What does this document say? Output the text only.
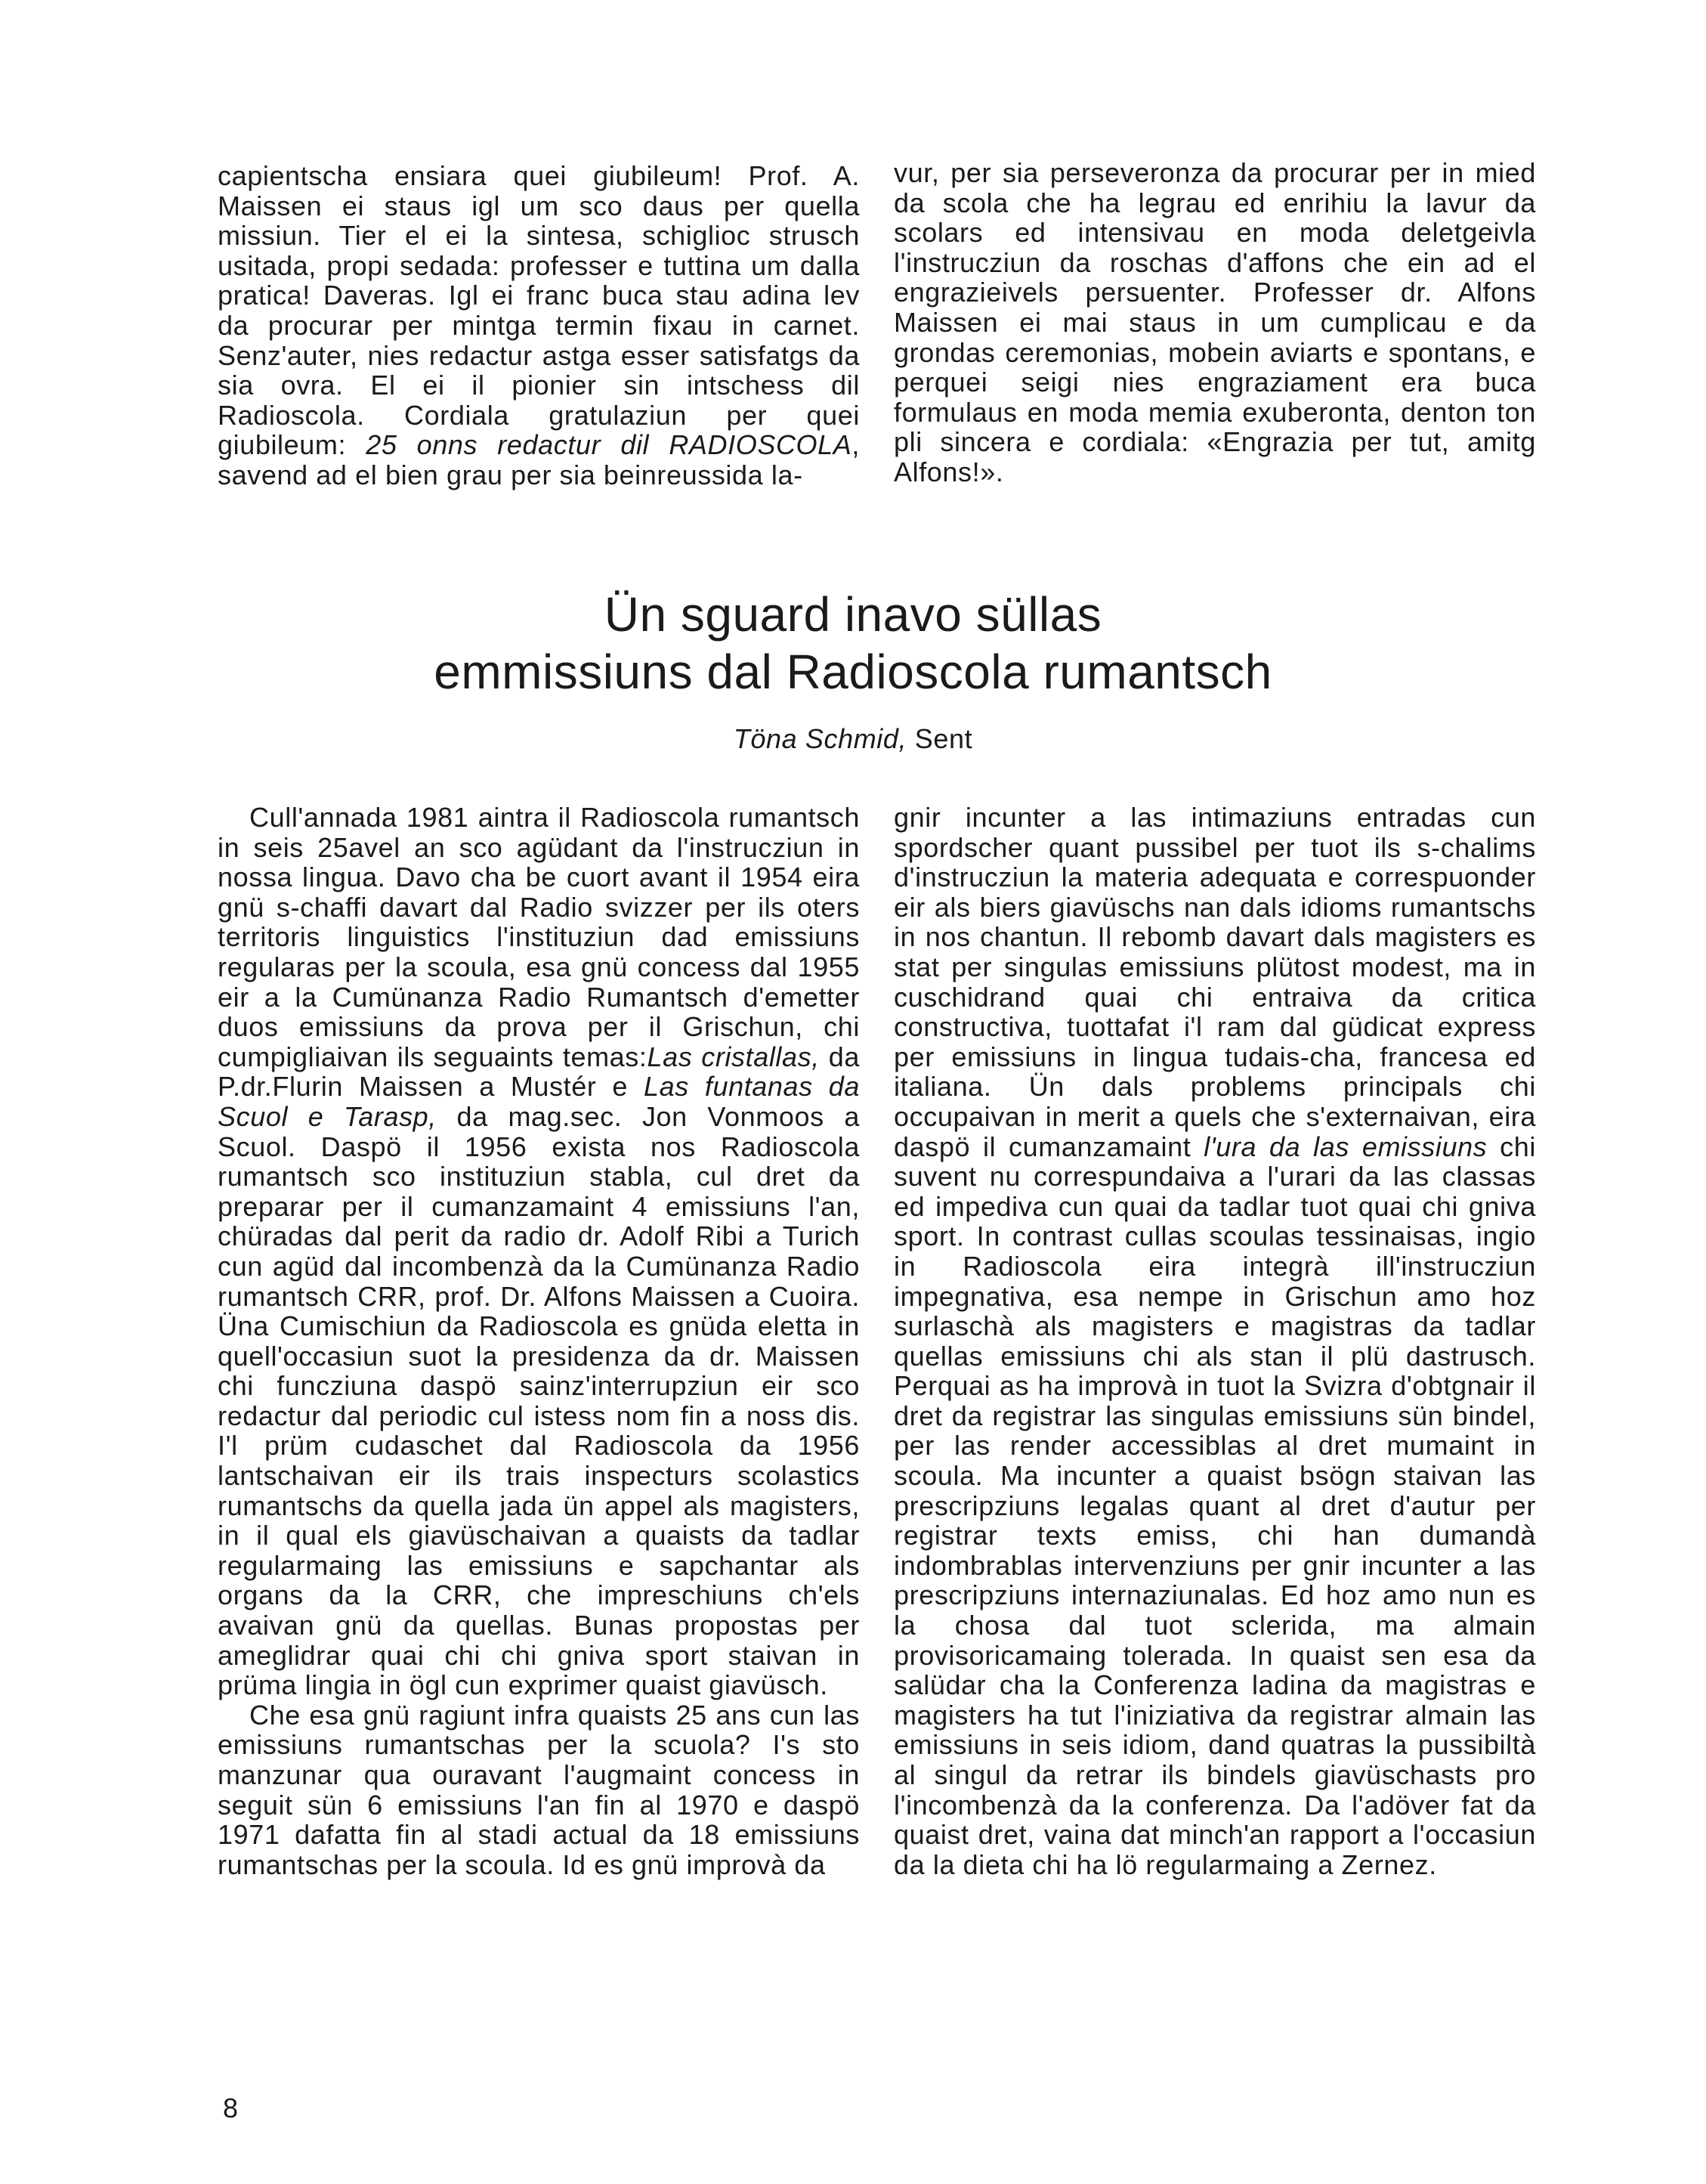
capientscha ensiara quei giubileum! Prof. A. Maissen ei staus igl um sco daus per quella missiun. Tier el ei la sintesa, schiglioc strusch usitada, propi sedada: professer e tuttina um dalla pratica! Daveras. Igl ei franc buca stau adina lev da procurar per mintga termin fixau in carnet. Senz'auter, nies redactur astga esser satisfatgs da sia ovra. El ei il pionier sin intschess dil Radioscola. Cordiala gratulaziun per quei giubileum: 25 onns redactur dil RADIOSCOLA, savend ad el bien grau per sia beinreussida la-

vur, per sia perseveronza da procurar per in mied da scola che ha legrau ed enrihiu la lavur da scolars ed intensivau en moda deletgeivla l'instrucziun da roschas d'affons che ein ad el engrazieivels persuenter. Professer dr. Alfons Maissen ei mai staus in um cumplicau e da grondas ceremonias, mobein aviarts e spontans, e perquei seigi nies engraziament era buca formulaus en moda memia exuberonta, denton ton pli sincera e cordiala: «Engrazia per tut, amitg Alfons!».

Ün sguard inavo süllas
emmissiuns dal Radioscola rumantsch
Töna Schmid, Sent

Cull'annada 1981 aintra il Radioscola rumantsch in seis 25avel an sco agüdant da l'instrucziun in nossa lingua. Davo cha be cuort avant il 1954 eira gnü s-chaffi davart dal Radio svizzer per ils oters territoris linguistics l'instituziun dad emissiuns regularas per la scoula, esa gnü concess dal 1955 eir a la Cumünanza Radio Rumantsch d'emetter duos emissiuns da prova per il Grischun, chi cumpigliaivan ils seguaints temas:Las cristallas, da P.dr.Flurin Maissen a Mustér e Las funtanas da Scuol e Tarasp, da mag.sec. Jon Vonmoos a Scuol. Daspö il 1956 exista nos Radioscola rumantsch sco instituziun stabla, cul dret da preparar per il cumanzamaint 4 emissiuns l'an, chüradas dal perit da radio dr. Adolf Ribi a Turich cun agüd dal incombenzà da la Cumünanza Radio rumantsch CRR, prof. Dr. Alfons Maissen a Cuoira. Üna Cumischiun da Radioscola es gnüda eletta in quell'occasiun suot la presidenza da dr. Maissen chi funcziuna daspö sainz'interrupziun eir sco redactur dal periodic cul istess nom fin a noss dis. I'l prüm cudaschet dal Radioscola da 1956 lantschaivan eir ils trais inspecturs scolastics rumantschs da quella jada ün appel als magisters, in il qual els giavüschaivan a quaists da tadlar regularmaing las emissiuns e sapchantar als organs da la CRR, che impreschiuns ch'els avaivan gnü da quellas. Bunas propostas per ameglidrar quai chi chi gniva sport staivan in prüma lingia in ögl cun exprimer quaist giavüsch.

Che esa gnü ragiunt infra quaists 25 ans cun las emissiuns rumantschas per la scuola? I's sto manzunar qua ouravant l'augmaint concess in seguit sün 6 emissiuns l'an fin al 1970 e daspö 1971 dafatta fin al stadi actual da 18 emissiuns rumantschas per la scoula. Id es gnü improvà da

gnir incunter a las intimaziuns entradas cun spordscher quant pussibel per tuot ils s-chalims d'instrucziun la materia adequata e correspuonder eir als biers giavüschs nan dals idioms rumantschs in nos chantun. Il rebomb davart dals magisters es stat per singulas emissiuns plütost modest, ma in cuschidrand quai chi entraiva da critica constructiva, tuottafat i'l ram dal güdicat express per emissiuns in lingua tudais-cha, francesa ed italiana. Ün dals problems principals chi occupaivan in merit a quels che s'externaivan, eira daspö il cumanzamaint l'ura da las emissiuns chi suvent nu correspundaiva a l'urari da las classas ed impediva cun quai da tadlar tuot quai chi gniva sport. In contrast cullas scoulas tessinaisas, ingio in Radioscola eira integrà ill'instrucziun impegnativa, esa nempe in Grischun amo hoz surlaschà als magisters e magistras da tadlar quellas emissiuns chi als stan il plü dastrusch. Perquai as ha improvà in tuot la Svizra d'obtgnair il dret da registrar las singulas emissiuns sün bindel, per las render accessiblas al dret mumaint in scoula. Ma incunter a quaist bsögn staivan las prescripziuns legalas quant al dret d'autur per registrar texts emiss, chi han dumandà indombrablas intervenziuns per gnir incunter a las prescripziuns internaziunalas. Ed hoz amo nun es la chosa dal tuot sclerida, ma almain provisoricamaing tolerada. In quaist sen esa da salüdar cha la Conferenza ladina da magistras e magisters ha tut l'iniziativa da registrar almain las emissiuns in seis idiom, dand quatras la pussibiltà al singul da retrar ils bindels giavüschasts pro l'incombenzà da la conferenza. Da l'adöver fat da quaist dret, vaina dat minch'an rapport a l'occasiun da la dieta chi ha lö regularmaing a Zernez.

8
